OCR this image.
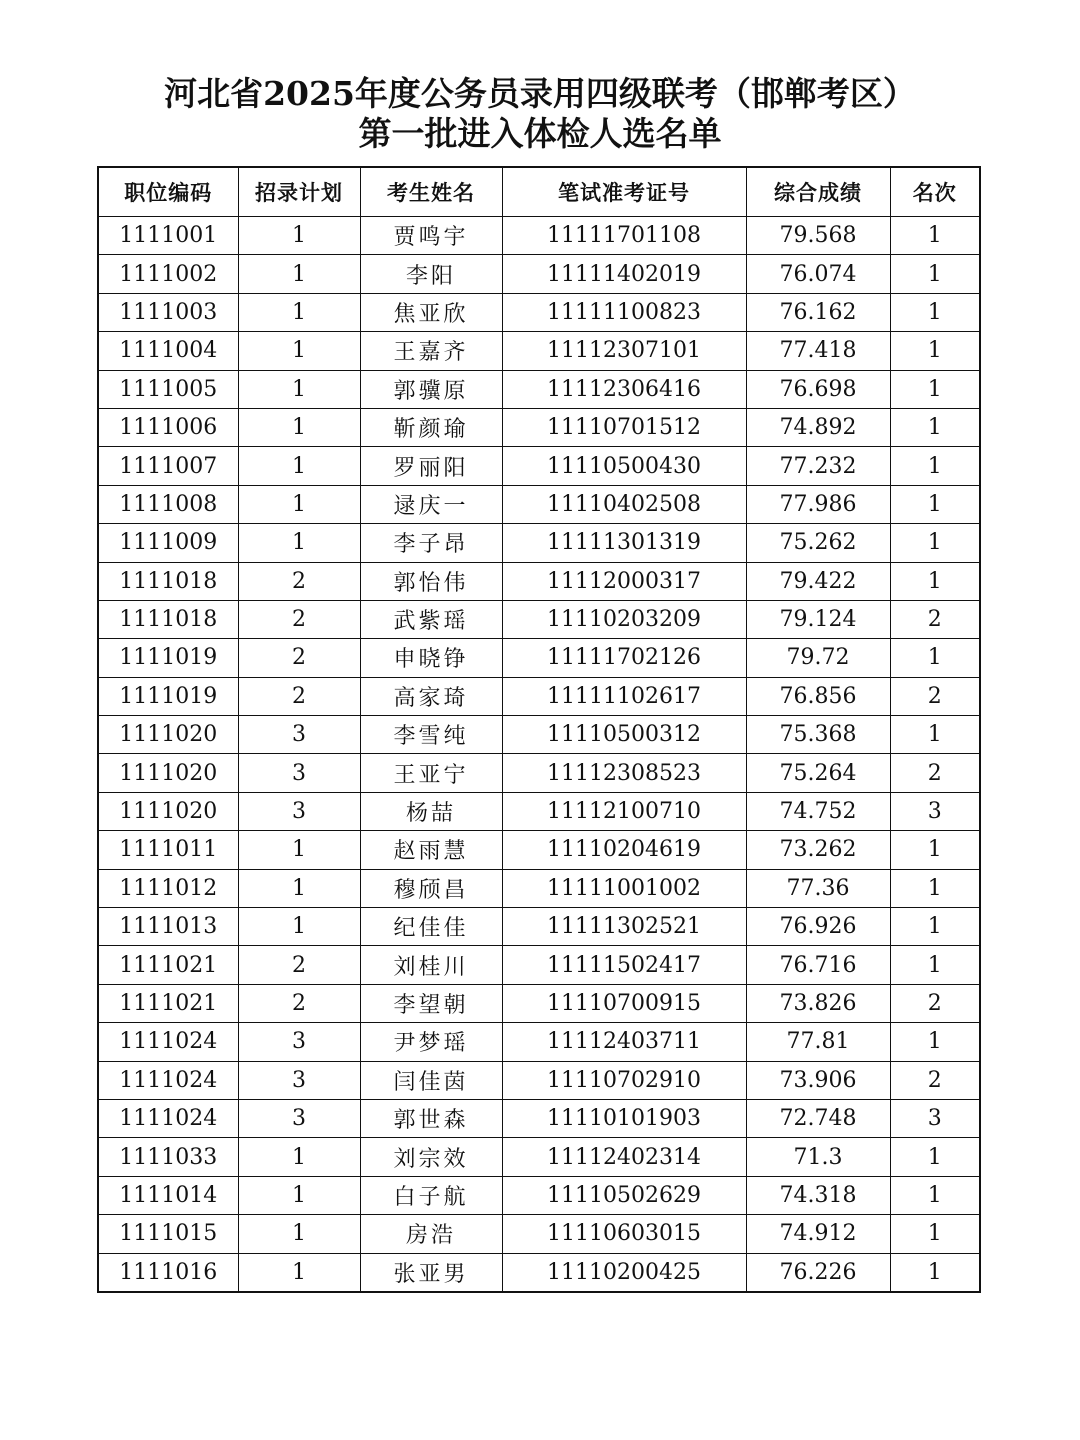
河北省2025年度公务员录用四级联考（邯郸考区）
第一批进入体检人选名单
职位编码	招录计划	考生姓名	笔试准考证号	综合成绩	名次
1111001	1	贾鸣宇	11111701108	79.568	1
1111002	1	李阳	11111402019	76.074	1
1111003	1	焦亚欣	11111100823	76.162	1
1111004	1	王嘉齐	11112307101	77.418	1
1111005	1	郭骥原	11112306416	76.698	1
1111006	1	靳颜瑜	11110701512	74.892	1
1111007	1	罗丽阳	11110500430	77.232	1
1111008	1	逯庆一	11110402508	77.986	1
1111009	1	李子昂	11111301319	75.262	1
1111018	2	郭怡伟	11112000317	79.422	1
1111018	2	武紫瑶	11110203209	79.124	2
1111019	2	申晓铮	11111702126	79.72	1
1111019	2	高家琦	11111102617	76.856	2
1111020	3	李雪纯	11110500312	75.368	1
1111020	3	王亚宁	11112308523	75.264	2
1111020	3	杨喆	11112100710	74.752	3
1111011	1	赵雨慧	11110204619	73.262	1
1111012	1	穆颀昌	11111001002	77.36	1
1111013	1	纪佳佳	11111302521	76.926	1
1111021	2	刘桂川	11111502417	76.716	1
1111021	2	李望朝	11110700915	73.826	2
1111024	3	尹梦瑶	11112403711	77.81	1
1111024	3	闫佳茵	11110702910	73.906	2
1111024	3	郭世森	11110101903	72.748	3
1111033	1	刘宗效	11112402314	71.3	1
1111014	1	白子航	11110502629	74.318	1
1111015	1	房浩	11110603015	74.912	1
1111016	1	张亚男	11110200425	76.226	1
